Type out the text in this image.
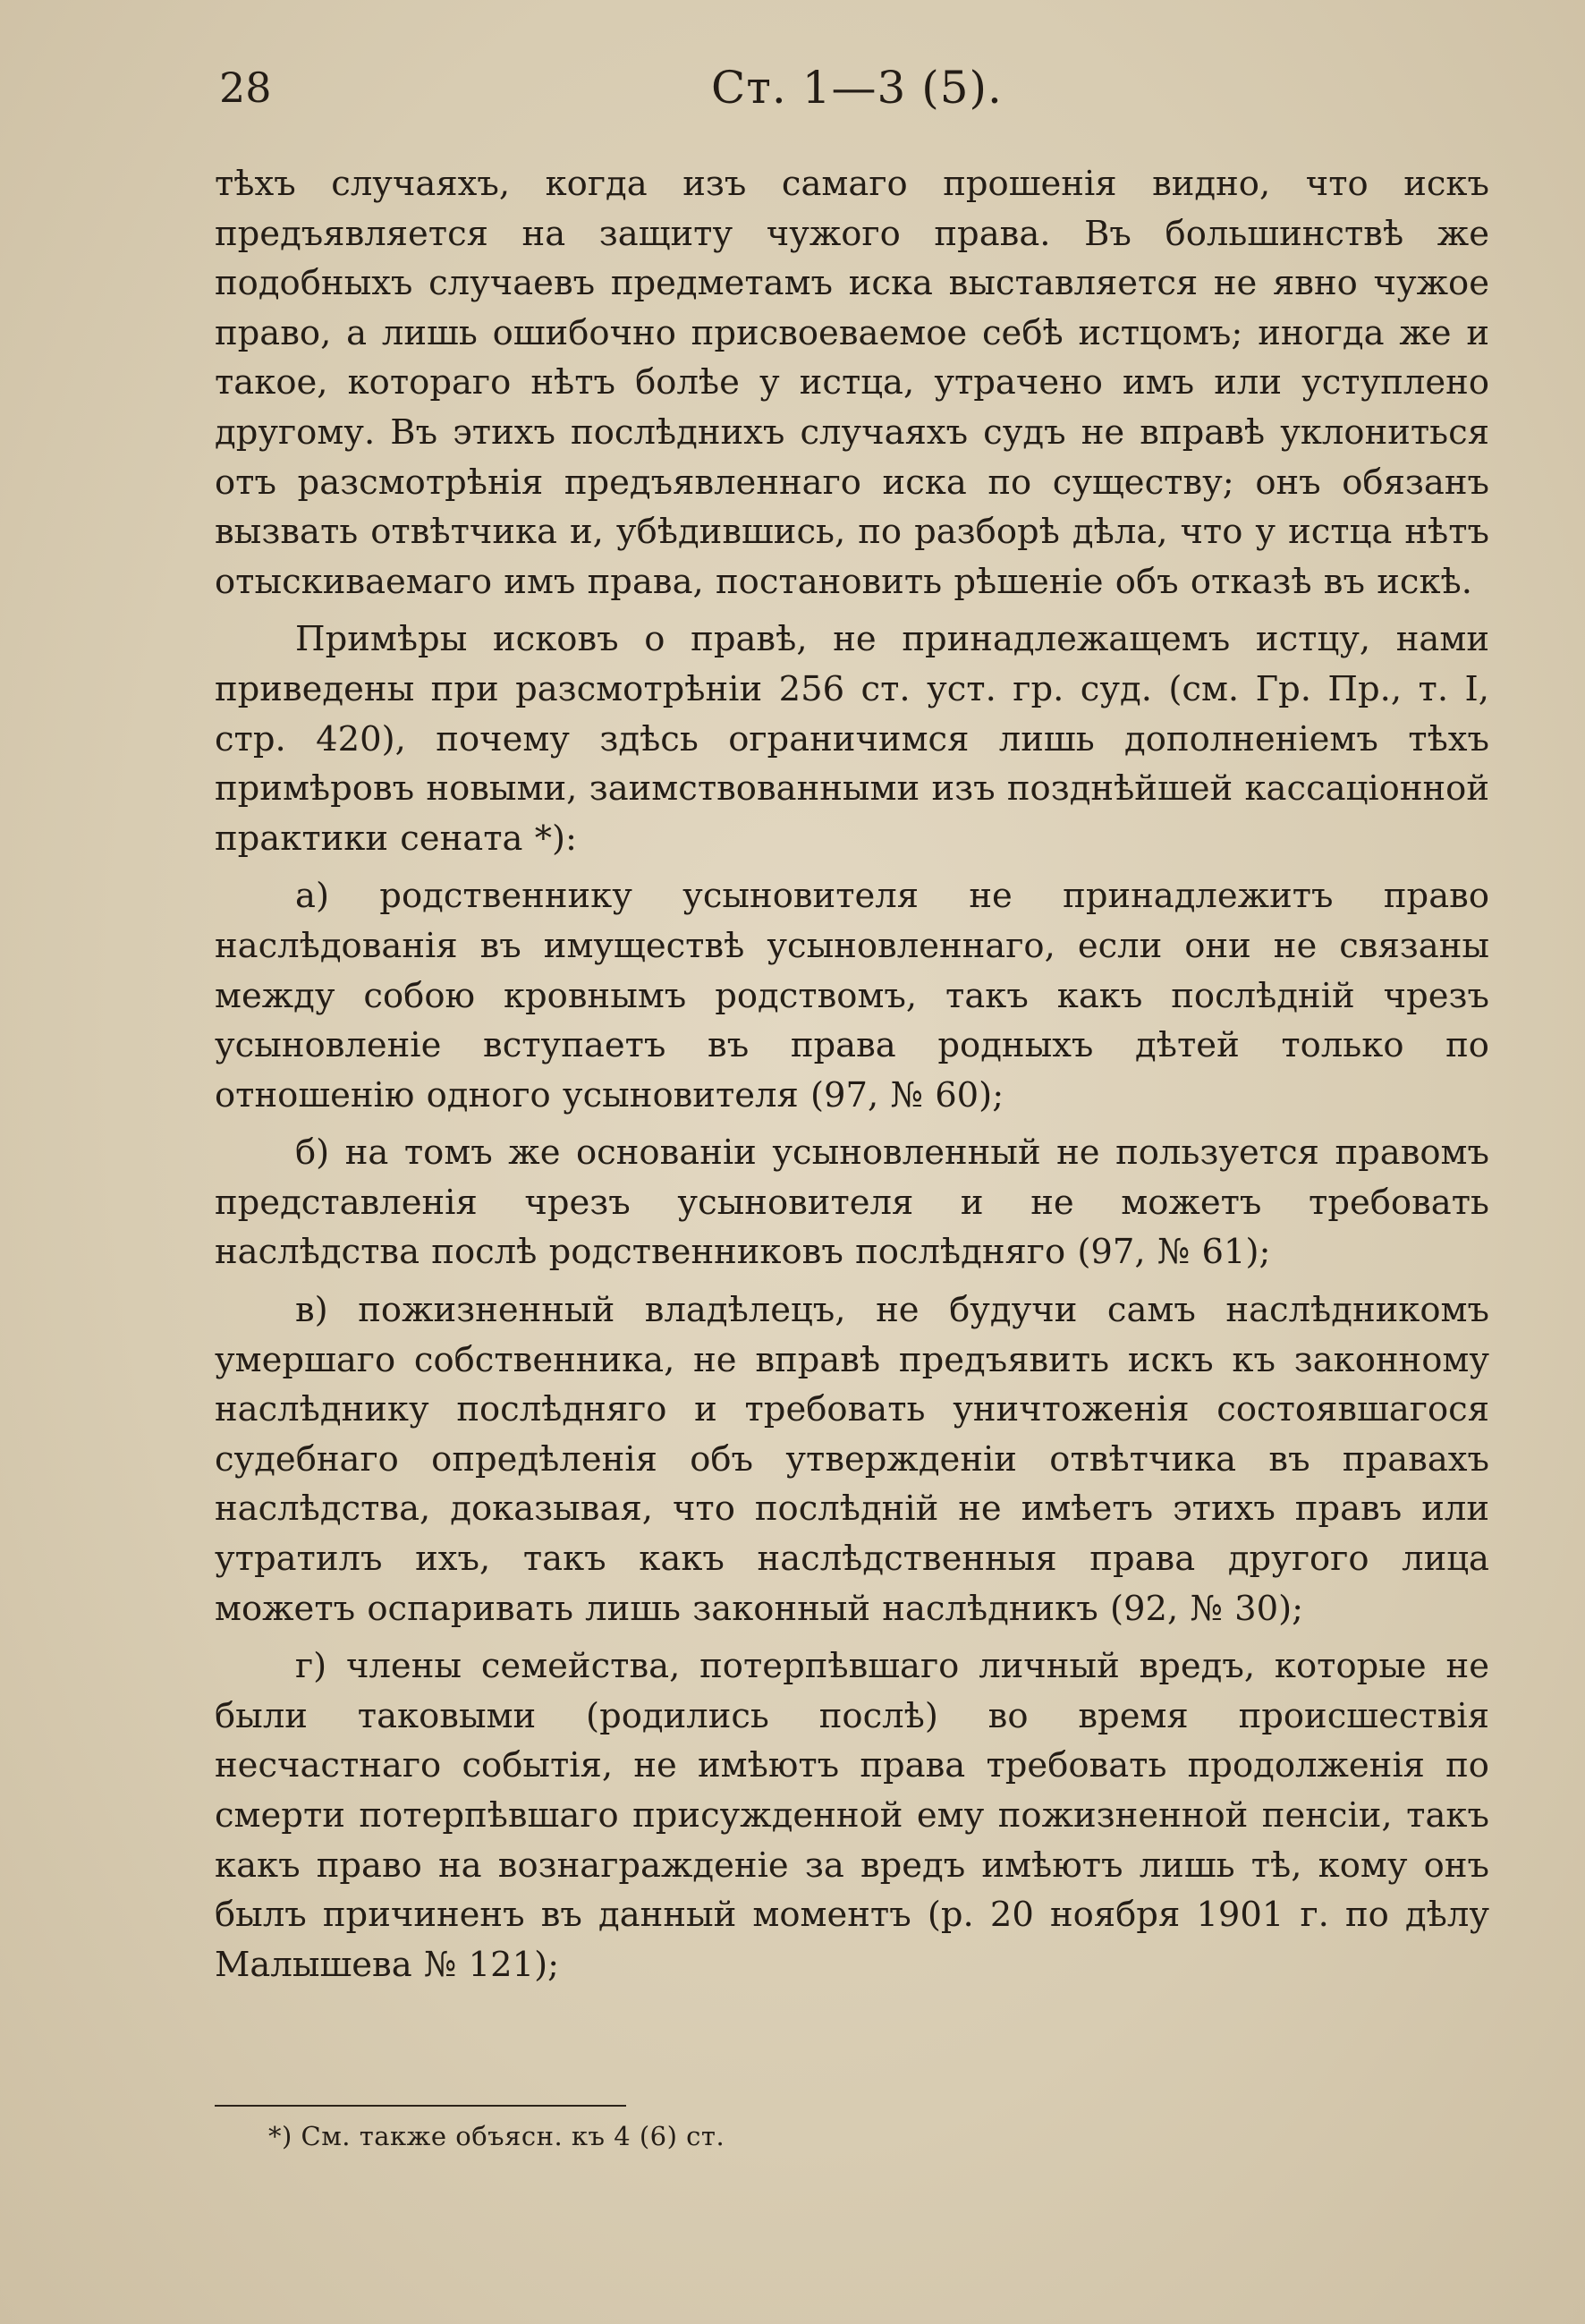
28	Ст. 1—3 (5).

тѣхъ случаяхъ, когда изъ самаго прошенія видно, что искъ предъявляется на защиту чужого права. Въ большинствѣ же подобныхъ случаевъ предметамъ иска выставляется не явно чужое право, а лишь ошибочно присвоеваемое себѣ истцомъ; иногда же и такое, котораго нѣтъ болѣе у истца, утрачено имъ или уступлено другому. Въ этихъ послѣднихъ случаяхъ судъ не вправѣ уклониться отъ разсмотрѣнія предъявленнаго иска по существу; онъ обязанъ вызвать отвѣтчика и, убѣдившись, по разборѣ дѣла, что у истца нѣтъ отыскиваемаго имъ права, постановить рѣшеніе объ отказѣ въ искѣ.

Примѣры исковъ о правѣ, не принадлежащемъ истцу, нами приведены при разсмотрѣніи 256 ст. уст. гр. суд. (см. Гр. Пр., т. I, стр. 420), почему здѣсь ограничимся лишь дополненіемъ тѣхъ примѣровъ новыми, заимствованными изъ позднѣйшей кассаціонной практики сената *):

а) родственнику усыновителя не принадлежитъ право наслѣдованія въ имуществѣ усыновленнаго, если они не связаны между собою кровнымъ родствомъ, такъ какъ послѣдній чрезъ усыновленіе вступаетъ въ права родныхъ дѣтей только по отношенію одного усыновителя (97, № 60);

б) на томъ же основаніи усыновленный не пользуется правомъ представленія чрезъ усыновителя и не можетъ требовать наслѣдства послѣ родственниковъ послѣдняго (97, № 61);

в) пожизненный владѣлецъ, не будучи самъ наслѣдникомъ умершаго собственника, не вправѣ предъявить искъ къ законному наслѣднику послѣдняго и требовать уничтоженія состоявшагося судебнаго опредѣленія объ утвержденіи отвѣтчика въ правахъ наслѣдства, доказывая, что послѣдній не имѣетъ этихъ правъ или утратилъ ихъ, такъ какъ наслѣдственныя права другого лица можетъ оспаривать лишь законный наслѣдникъ (92, № 30);

г) члены семейства, потерпѣвшаго личный вредъ, которые не были таковыми (родились послѣ) во время происшествія несчастнаго событія, не имѣютъ права требовать продолженія по смерти потерпѣвшаго присужденной ему пожизненной пенсіи, такъ какъ право на вознагражденіе за вредъ имѣютъ лишь тѣ, кому онъ былъ причиненъ въ данный моментъ (р. 20 ноября 1901 г. по дѣлу Малышева № 121);

*) См. также объясн. къ 4 (6) ст.
